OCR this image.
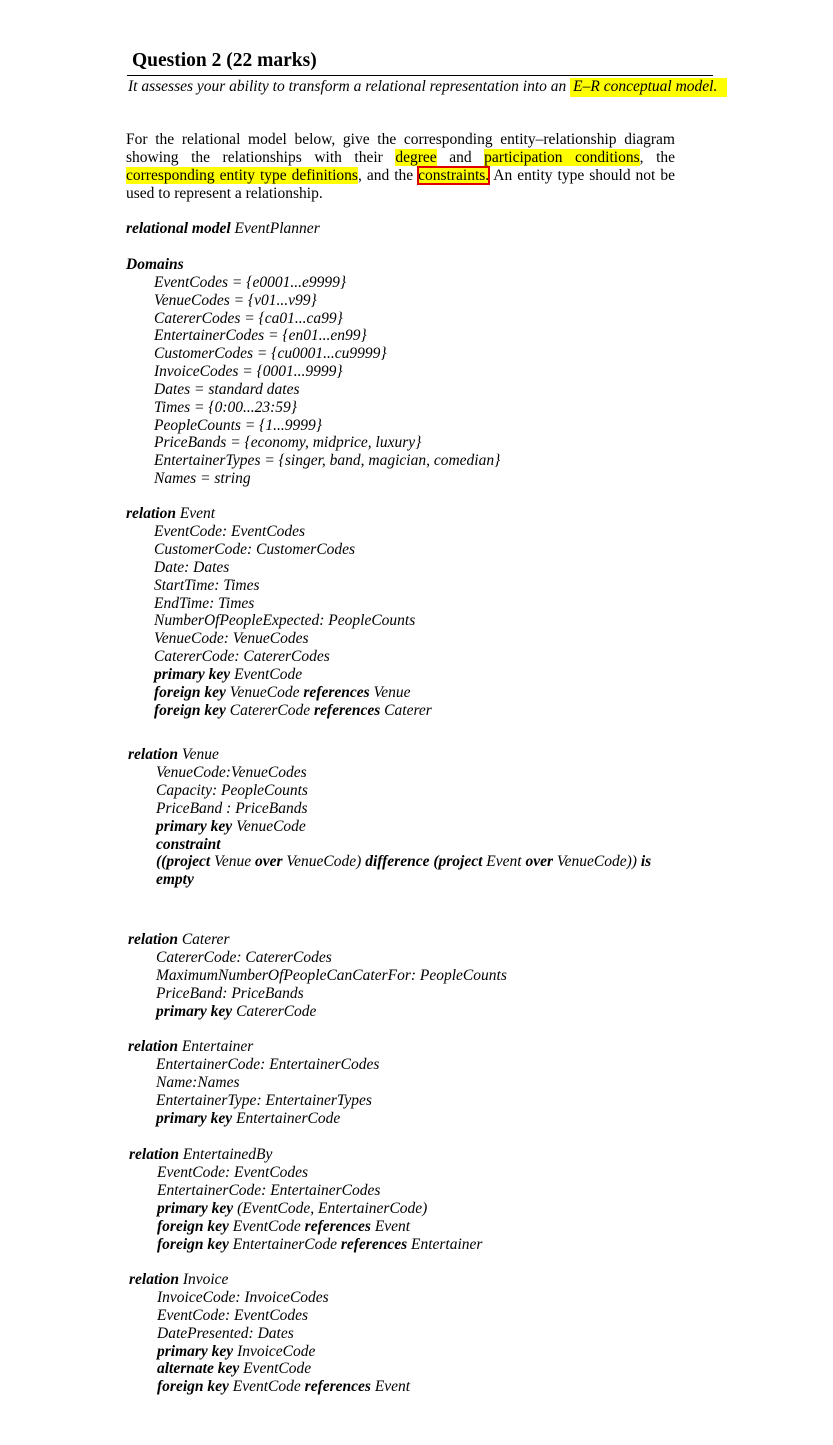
Question 2 (22 marks)
It assesses your ability to transform a relational representation into an E–R conceptual model.
For the relational model below, give the corresponding entity–relationship diagram
showing the relationships with their degree and participation conditions, the
corresponding entity type definitions, and the constraints. An entity type should not be
used to represent a relationship.
relational model EventPlanner
Domains
EventCodes = {e0001...e9999}
VenueCodes = {v01...v99}
CatererCodes = {ca01...ca99}
EntertainerCodes = {en01...en99}
CustomerCodes = {cu0001...cu9999}
InvoiceCodes = {0001...9999}
Dates = standard dates
Times = {0:00...23:59}
PeopleCounts = {1...9999}
PriceBands = {economy, midprice, luxury}
EntertainerTypes = {singer, band, magician, comedian}
Names = string
relation Event
EventCode: EventCodes
CustomerCode: CustomerCodes
Date: Dates
StartTime: Times
EndTime: Times
NumberOfPeopleExpected: PeopleCounts
VenueCode: VenueCodes
CatererCode: CatererCodes
primary key EventCode
foreign key VenueCode references Venue
foreign key CatererCode references Caterer
relation Venue
VenueCode:VenueCodes
Capacity: PeopleCounts
PriceBand : PriceBands
primary key VenueCode
constraint
((project Venue over VenueCode) difference (project Event over VenueCode)) is
empty
relation Caterer
CatererCode: CatererCodes
MaximumNumberOfPeopleCanCaterFor: PeopleCounts
PriceBand: PriceBands
primary key CatererCode
relation Entertainer
EntertainerCode: EntertainerCodes
Name:Names
EntertainerType: EntertainerTypes
primary key EntertainerCode
relation EntertainedBy
EventCode: EventCodes
EntertainerCode: EntertainerCodes
primary key (EventCode, EntertainerCode)
foreign key EventCode references Event
foreign key EntertainerCode references Entertainer
relation Invoice
InvoiceCode: InvoiceCodes
EventCode: EventCodes
DatePresented: Dates
primary key InvoiceCode
alternate key EventCode
foreign key EventCode references Event
